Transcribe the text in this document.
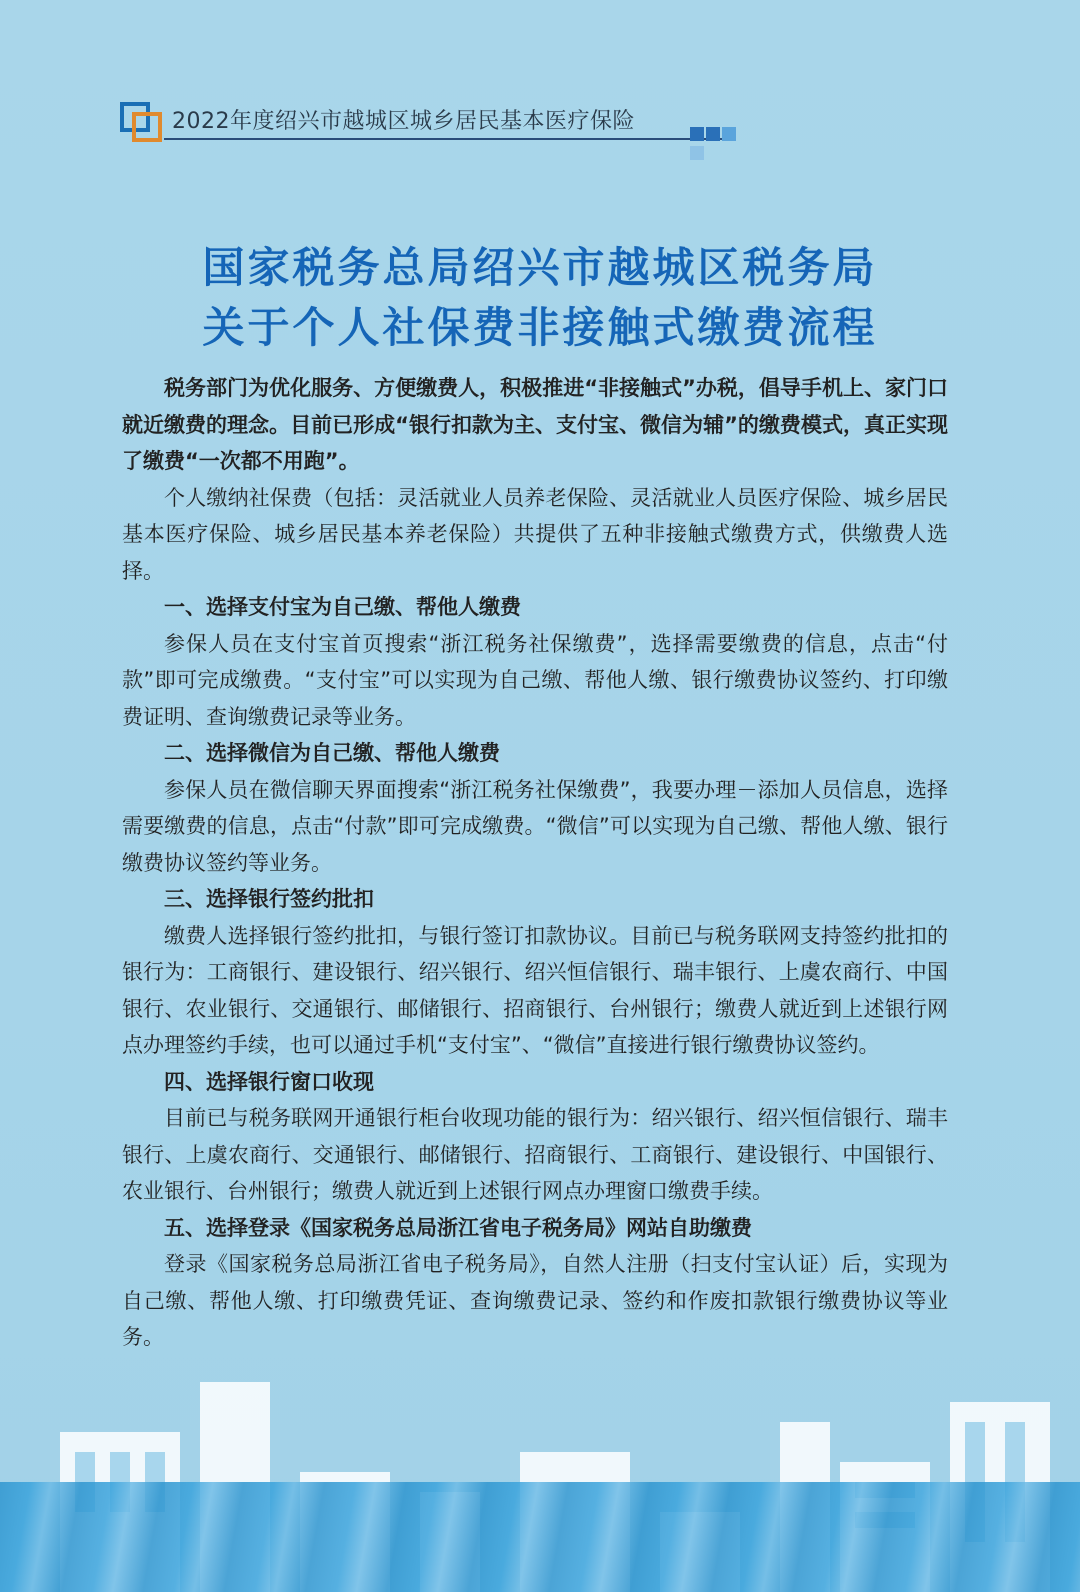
2022年度绍兴市越城区城乡居民基本医疗保险
国家税务总局绍兴市越城区税务局
关于个人社保费非接触式缴费流程

税务部门为优化服务、方便缴费人，积极推进“非接触式”办税，倡导手机上、家门口就近缴费的理念。目前已形成“银行扣款为主、支付宝、微信为辅”的缴费模式，真正实现了缴费“一次都不用跑”。

个人缴纳社保费（包括：灵活就业人员养老保险、灵活就业人员医疗保险、城乡居民基本医疗保险、城乡居民基本养老保险）共提供了五种非接触式缴费方式，供缴费人选择。

一、选择支付宝为自己缴、帮他人缴费

参保人员在支付宝首页搜索“浙江税务社保缴费”，选择需要缴费的信息，点击“付款”即可完成缴费。“支付宝”可以实现为自己缴、帮他人缴、银行缴费协议签约、打印缴费证明、查询缴费记录等业务。

二、选择微信为自己缴、帮他人缴费

参保人员在微信聊天界面搜索“浙江税务社保缴费”，我要办理－添加人员信息，选择需要缴费的信息，点击“付款”即可完成缴费。“微信”可以实现为自己缴、帮他人缴、银行缴费协议签约等业务。

三、选择银行签约批扣

缴费人选择银行签约批扣，与银行签订扣款协议。目前已与税务联网支持签约批扣的银行为：工商银行、建设银行、绍兴银行、绍兴恒信银行、瑞丰银行、上虞农商行、中国银行、农业银行、交通银行、邮储银行、招商银行、台州银行；缴费人就近到上述银行网点办理签约手续，也可以通过手机“支付宝”、“微信”直接进行银行缴费协议签约。

四、选择银行窗口收现

目前已与税务联网开通银行柜台收现功能的银行为：绍兴银行、绍兴恒信银行、瑞丰银行、上虞农商行、交通银行、邮储银行、招商银行、工商银行、建设银行、中国银行、农业银行、台州银行；缴费人就近到上述银行网点办理窗口缴费手续。

五、选择登录《国家税务总局浙江省电子税务局》网站自助缴费

登录《国家税务总局浙江省电子税务局》，自然人注册（扫支付宝认证）后，实现为自己缴、帮他人缴、打印缴费凭证、查询缴费记录、签约和作废扣款银行缴费协议等业务。
